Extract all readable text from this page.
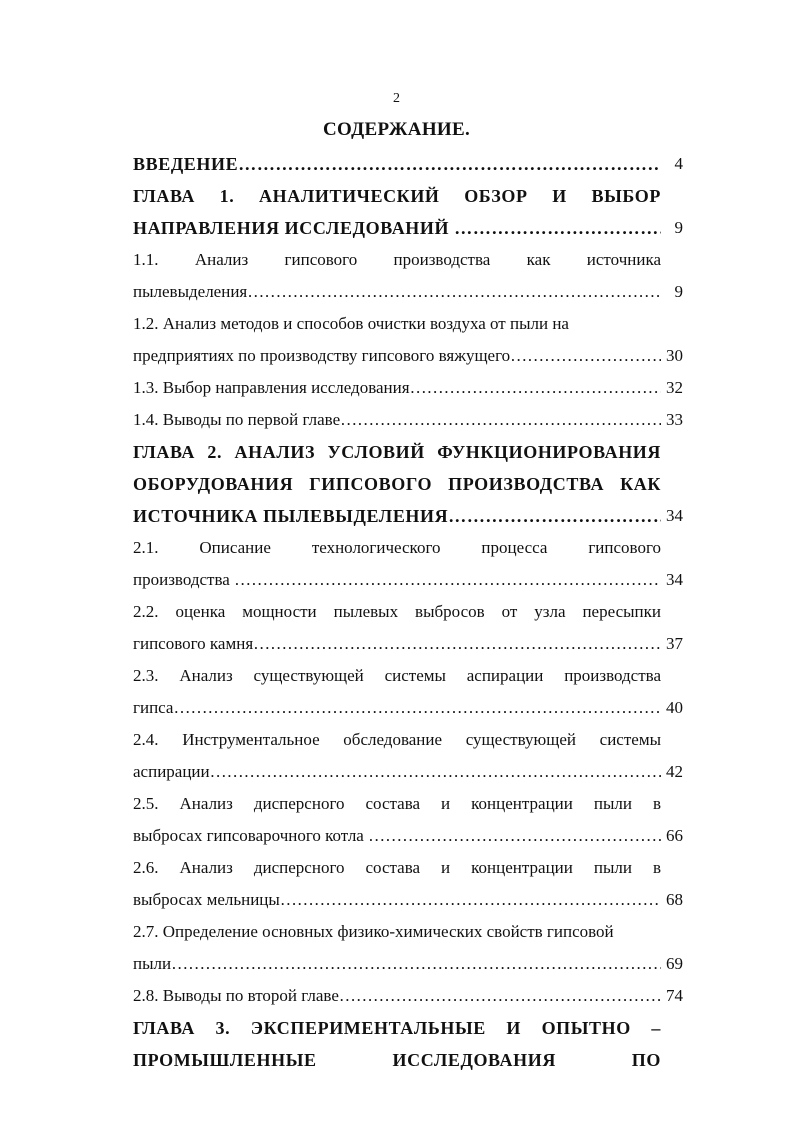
2
СОДЕРЖАНИЕ.
ВВЕДЕНИЕ …………………………………………………………………………………………………………………………………………………………………………………………	4
ГЛАВА 1. АНАЛИТИЧЕСКИЙ ОБЗОР И ВЫБОР
НАПРАВЛЕНИЯ ИССЛЕДОВАНИЙ …………………………………………………………………………………………………………………………………………………………………………………………	9
1.1. Анализ гипсового производства как источника
пылевыделения …………………………………………………………………………………………………………………………………………………………………………………………	9
1.2. Анализ методов и способов очистки воздуха от пыли на
предприятиях по производству гипсового вяжущего …………………………………………………………………………………………………………………………………………………………………………………………	30
1.3. Выбор направления исследования …………………………………………………………………………………………………………………………………………………………………………………………	32
1.4. Выводы по первой главе …………………………………………………………………………………………………………………………………………………………………………………………	33
ГЛАВА 2. АНАЛИЗ УСЛОВИЙ ФУНКЦИОНИРОВАНИЯ
ОБОРУДОВАНИЯ ГИПСОВОГО ПРОИЗВОДСТВА КАК
ИСТОЧНИКА ПЫЛЕВЫДЕЛЕНИЯ …………………………………………………………………………………………………………………………………………………………………………………………	34
2.1. Описание технологического процесса гипсового
производства …………………………………………………………………………………………………………………………………………………………………………………………	34
2.2. оценка мощности пылевых выбросов от узла пересыпки
гипсового камня …………………………………………………………………………………………………………………………………………………………………………………………	37
2.3. Анализ существующей системы аспирации производства
гипса …………………………………………………………………………………………………………………………………………………………………………………………	40
2.4. Инструментальное обследование существующей системы
аспирации …………………………………………………………………………………………………………………………………………………………………………………………	42
2.5. Анализ дисперсного состава и концентрации пыли в
выбросах гипсоварочного котла …………………………………………………………………………………………………………………………………………………………………………………………	66
2.6. Анализ дисперсного состава и концентрации пыли в
выбросах мельницы …………………………………………………………………………………………………………………………………………………………………………………………	68
2.7. Определение основных физико-химических свойств гипсовой
пыли …………………………………………………………………………………………………………………………………………………………………………………………	69
2.8. Выводы по второй главе …………………………………………………………………………………………………………………………………………………………………………………………	74
ГЛАВА 3. ЭКСПЕРИМЕНТАЛЬНЫЕ И ОПЫТНО –
ПРОМЫШЛЕННЫЕ ИССЛЕДОВАНИЯ ПО
